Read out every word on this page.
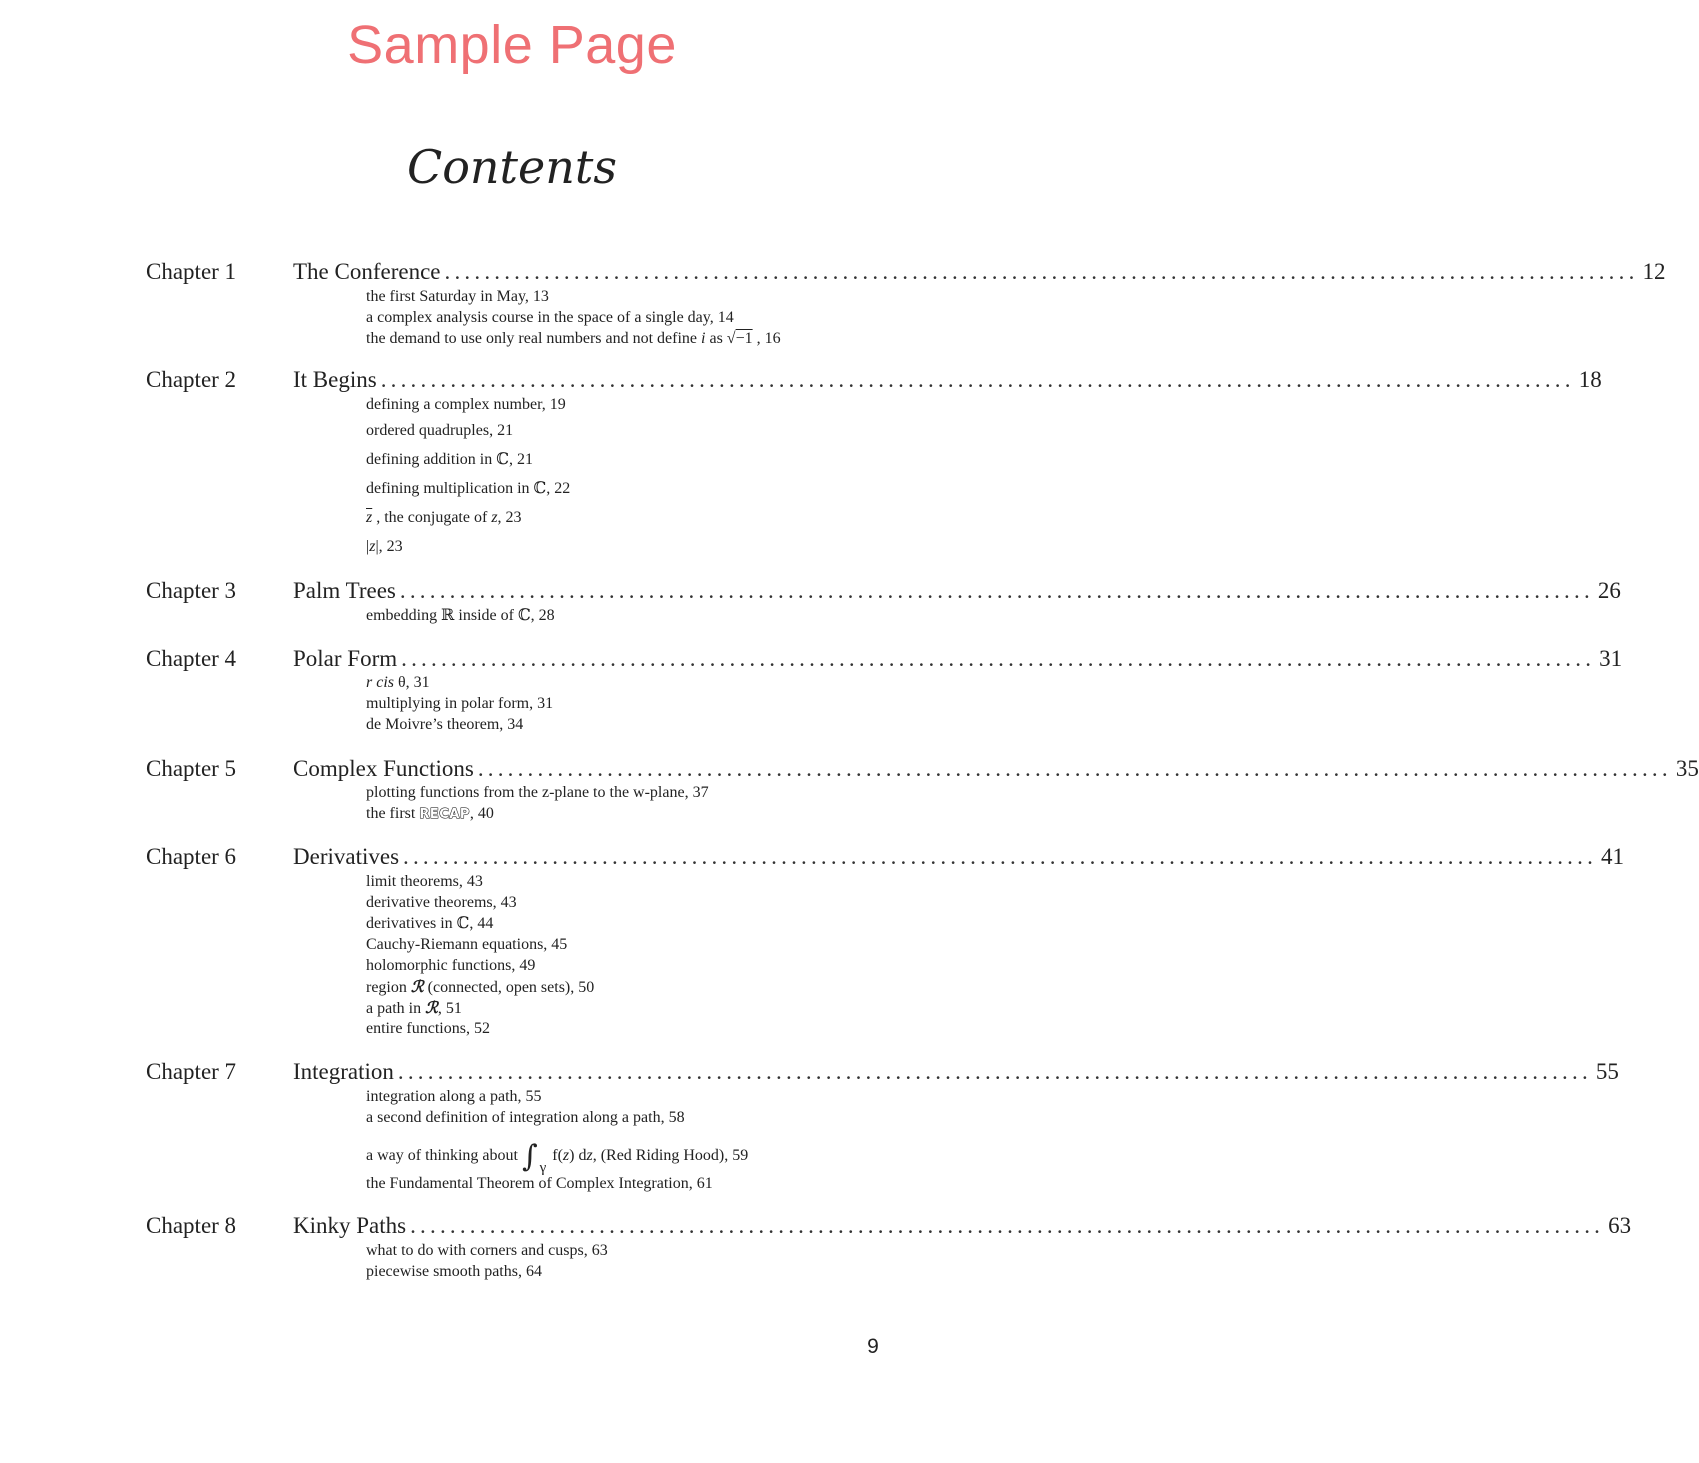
Sample Page
Contents
Chapter 1 The Conference ........................................................................................................................ 12
the first Saturday in May, 13
a complex analysis course in the space of a single day, 14
the demand to use only real numbers and not define i as √−1 , 16
Chapter 2 It Begins ........................................................................................................................ 18
defining a complex number, 19
ordered quadruples, 21
defining addition in ℂ, 21
defining multiplication in ℂ, 22
$\overline{z}$ , the conjugate of z, 23
|z|, 23
Chapter 3 Palm Trees ........................................................................................................................ 26
embedding ℝ inside of ℂ, 28
Chapter 4 Polar Form ........................................................................................................................ 31
r cis θ, 31
multiplying in polar form, 31
de Moivre’s theorem, 34
Chapter 5 Complex Functions ........................................................................................................................ 35
plotting functions from the z-plane to the w-plane, 37
the first RECAP, 40
Chapter 6 Derivatives ........................................................................................................................ 41
limit theorems, 43
derivative theorems, 43
derivatives in ℂ, 44
Cauchy-Riemann equations, 45
holomorphic functions, 49
region ℛ (connected, open sets), 50
a path in ℛ, 51
entire functions, 52
Chapter 7 Integration ........................................................................................................................ 55
integration along a path, 55
a second definition of integration along a path, 58
a way of thinking about ∫ γf(z) dz, (Red Riding Hood), 59
the Fundamental Theorem of Complex Integration, 61
Chapter 8 Kinky Paths ........................................................................................................................ 63
what to do with corners and cusps, 63
piecewise smooth paths, 64
9
